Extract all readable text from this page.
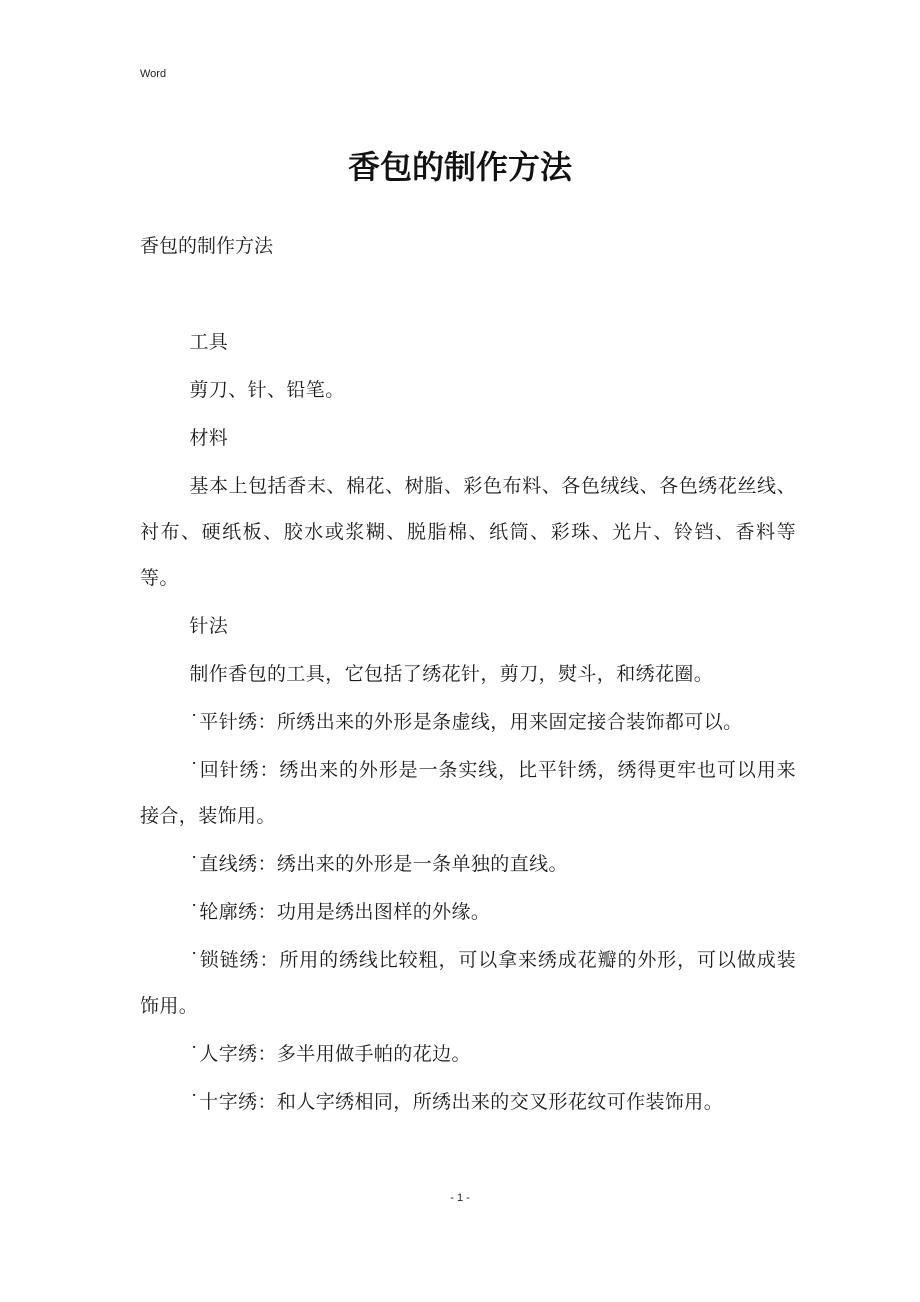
Word
香包的制作方法
香包的制作方法

工具

剪刀、针、铅笔。

材料

基本上包括香末、棉花、树脂、彩色布料、各色绒线、各色绣花丝线、衬布、硬纸板、胶水或浆糊、脱脂棉、纸筒、彩珠、光片、铃铛、香料等等。

针法

制作香包的工具，它包括了绣花针，剪刀，熨斗，和绣花圈。

˙平针绣：所绣出来的外形是条虚线，用来固定接合装饰都可以。

˙回针绣：绣出来的外形是一条实线，比平针绣，绣得更牢也可以用来接合，装饰用。

˙直线绣：绣出来的外形是一条单独的直线。

˙轮廓绣：功用是绣出图样的外缘。

˙锁链绣：所用的绣线比较粗，可以拿来绣成花瓣的外形，可以做成装饰用。

˙人字绣：多半用做手帕的花边。

˙十字绣：和人字绣相同，所绣出来的交叉形花纹可作装饰用。

- 1 -
